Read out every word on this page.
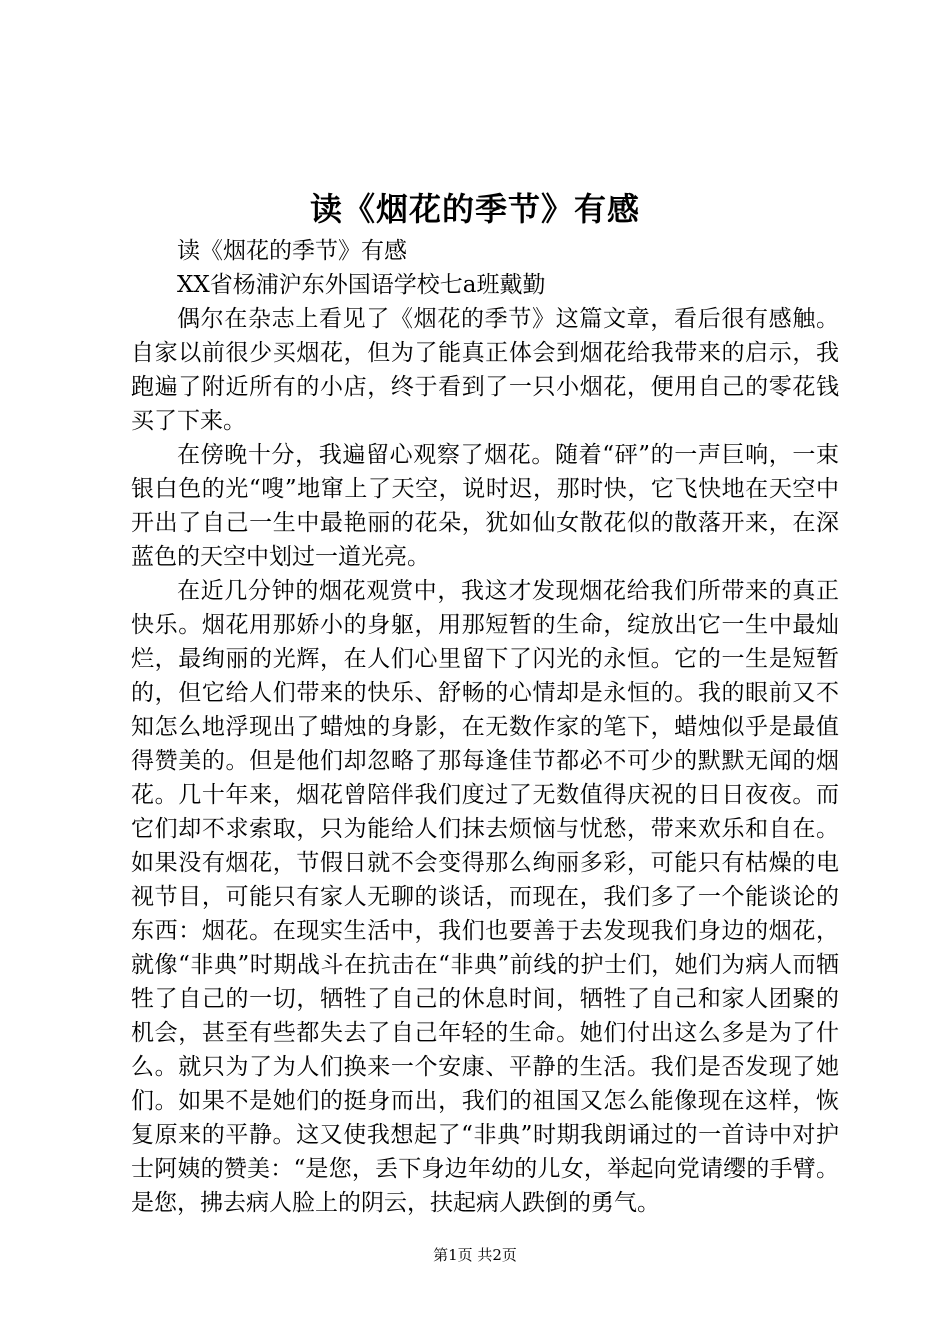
读《烟花的季节》有感

读《烟花的季节》有感

XX省杨浦沪东外国语学校七a班戴勤

偶尔在杂志上看见了《烟花的季节》这篇文章，看后很有感触。自家以前很少买烟花，但为了能真正体会到烟花给我带来的启示，我跑遍了附近所有的小店，终于看到了一只小烟花，便用自己的零花钱买了下来。

在傍晚十分，我遍留心观察了烟花。随着“砰”的一声巨响，一束银白色的光“嗖”地窜上了天空，说时迟，那时快，它飞快地在天空中开出了自己一生中最艳丽的花朵，犹如仙女散花似的散落开来，在深蓝色的天空中划过一道光亮。

在近几分钟的烟花观赏中，我这才发现烟花给我们所带来的真正快乐。烟花用那娇小的身躯，用那短暂的生命，绽放出它一生中最灿烂，最绚丽的光辉，在人们心里留下了闪光的永恒。它的一生是短暂的，但它给人们带来的快乐、舒畅的心情却是永恒的。我的眼前又不知怎么地浮现出了蜡烛的身影，在无数作家的笔下，蜡烛似乎是最值得赞美的。但是他们却忽略了那每逢佳节都必不可少的默默无闻的烟花。几十年来，烟花曾陪伴我们度过了无数值得庆祝的日日夜夜。而它们却不求索取，只为能给人们抹去烦恼与忧愁，带来欢乐和自在。如果没有烟花，节假日就不会变得那么绚丽多彩，可能只有枯燥的电视节目，可能只有家人无聊的谈话，而现在，我们多了一个能谈论的东西：烟花。在现实生活中，我们也要善于去发现我们身边的烟花，就像“非典”时期战斗在抗击在“非典”前线的护士们，她们为病人而牺牲了自己的一切，牺牲了自己的休息时间，牺牲了自己和家人团聚的机会，甚至有些都失去了自己年轻的生命。她们付出这么多是为了什么。就只为了为人们换来一个安康、平静的生活。我们是否发现了她们。如果不是她们的挺身而出，我们的祖国又怎么能像现在这样，恢复原来的平静。这又使我想起了“非典”时期我朗诵过的一首诗中对护士阿姨的赞美：“是您，丢下身边年幼的儿女，举起向党请缨的手臂。是您，拂去病人脸上的阴云，扶起病人跌倒的勇气。

第1页 共2页
